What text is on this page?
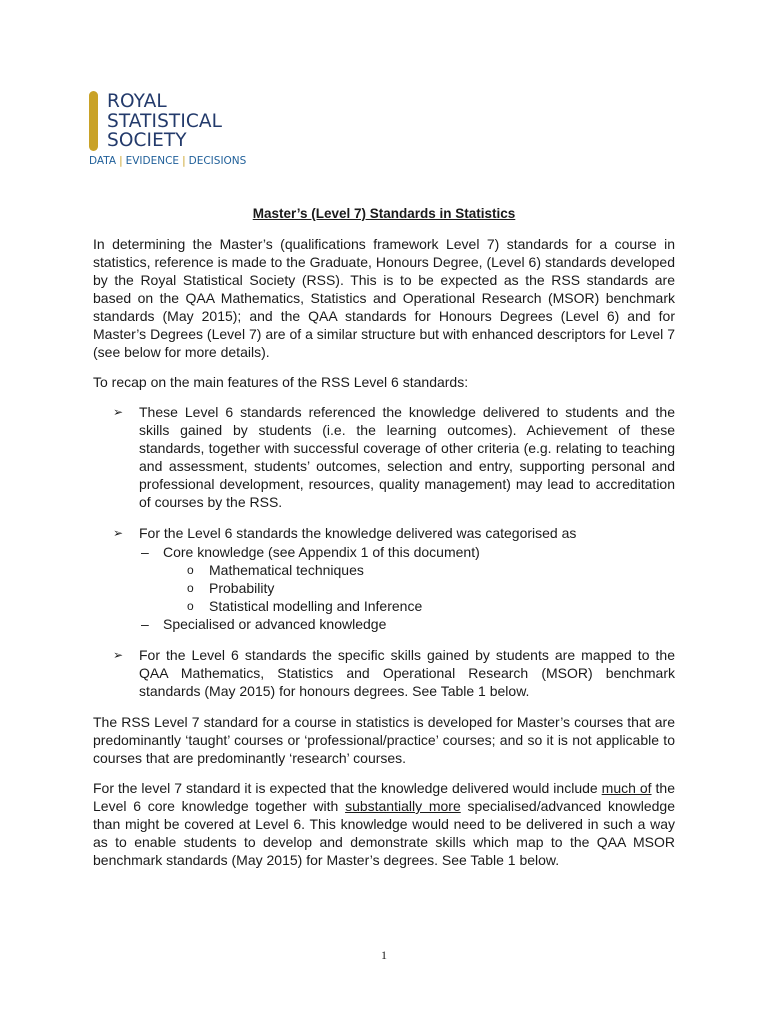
ROYAL
STATISTICAL
SOCIETY
DATA | EVIDENCE | DECISIONS
Master’s (Level 7) Standards in Statistics

In determining the Master’s (qualifications framework Level 7) standards for a course in statistics, reference is made to the Graduate, Honours Degree, (Level 6) standards developed by the Royal Statistical Society (RSS). This is to be expected as the RSS standards are based on the QAA Mathematics, Statistics and Operational Research (MSOR) benchmark standards (May 2015); and the QAA standards for Honours Degrees (Level 6) and for Master’s Degrees (Level 7) are of a similar structure but with enhanced descriptors for Level 7 (see below for more details).

To recap on the main features of the RSS Level 6 standards:

➢ These Level 6 standards referenced the knowledge delivered to students and the skills gained by students (i.e. the learning outcomes). Achievement of these standards, together with successful coverage of other criteria (e.g. relating to teaching and assessment, students’ outcomes, selection and entry, supporting personal and professional development, resources, quality management) may lead to accreditation of courses by the RSS.
➢ For the Level 6 standards the knowledge delivered was categorised as
– Core knowledge (see Appendix 1 of this document)
o Mathematical techniques
o Probability
o Statistical modelling and Inference
– Specialised or advanced knowledge
➢ For the Level 6 standards the specific skills gained by students are mapped to the QAA Mathematics, Statistics and Operational Research (MSOR) benchmark standards (May 2015) for honours degrees. See Table 1 below.

The RSS Level 7 standard for a course in statistics is developed for Master’s courses that are predominantly ‘taught’ courses or ‘professional/practice’ courses; and so it is not applicable to courses that are predominantly ‘research’ courses.

For the level 7 standard it is expected that the knowledge delivered would include much of the Level 6 core knowledge together with substantially more specialised/advanced knowledge than might be covered at Level 6. This knowledge would need to be delivered in such a way as to enable students to develop and demonstrate skills which map to the QAA MSOR benchmark standards (May 2015) for Master’s degrees. See Table 1 below.

1
